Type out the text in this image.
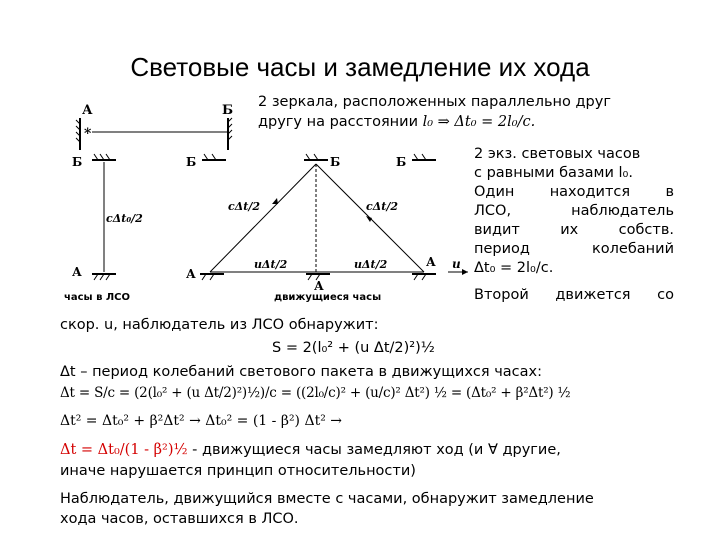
Световые часы и замедление их хода
А	Б
*
Б
cΔt₀/2
А
часы в ЛСО
Б	Б	Б
cΔt/2	cΔt/2
uΔt/2	uΔt/2
А
А
А u
движущиеся часы
2 зеркала, расположенных параллельно друг
другу на расстоянии l₀ ⇒ Δt₀ = 2l₀/c.
2 экз. световых часов
с равными базами l₀.
Один находится в
ЛСО,	наблюдатель
видит	их	собств.
период	колебаний
Δt₀ = 2l₀/c.
Второй движется со
скор. u, наблюдатель из ЛСО обнаружит:
S = 2(l₀² + (u Δt/2)²)½
Δt – период колебаний светового пакета в движущихся часах:
Δt = S/c = (2(l₀² + (u Δt/2)²)½)/c = ((2l₀/c)² + (u/c)² Δt²) ½ = (Δt₀² + β²Δt²) ½
Δt² = Δt₀² + β²Δt² → Δt₀² = (1 - β²) Δt² →
Δt = Δt₀/(1 - β²)½ - движущиеся часы замедляют ход (и ∀ другие,
иначе нарушается принцип относительности)
Наблюдатель, движущийся вместе с часами, обнаружит замедление
хода часов, оставшихся в ЛСО.
